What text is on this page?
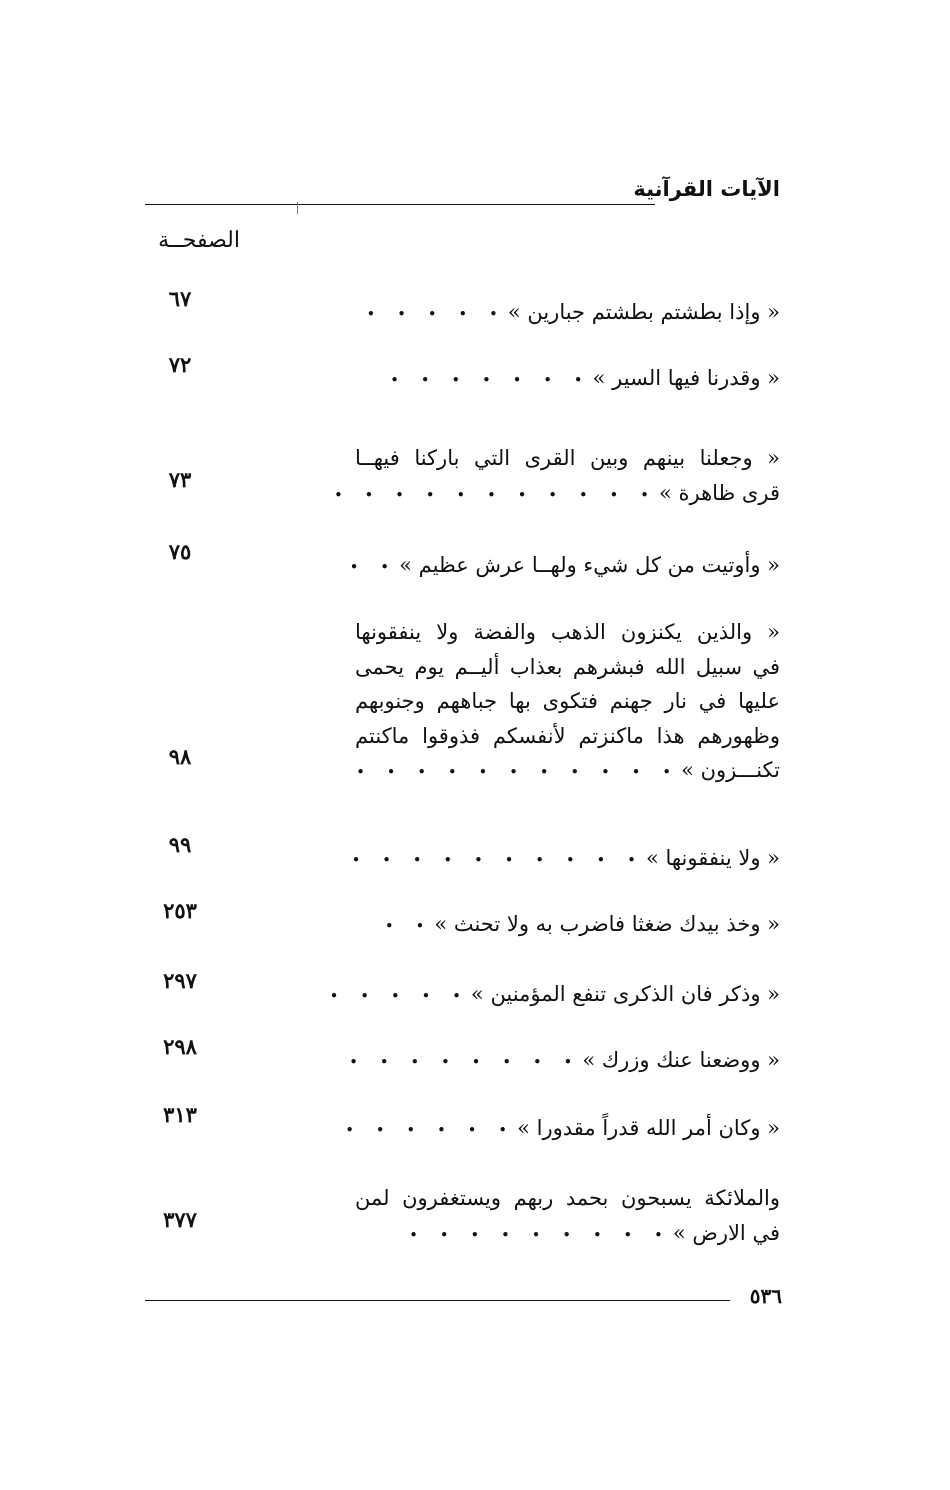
الآيات القرآنية
الصفحــة
« وإذا بطشتم بطشتم جبارين »• • • • •
٦٧
« وقدرنا فيها السير »• • • • • • •
٧٢
« وجعلنا بينهم وبين القرى التي باركنا فيهــا
قرى ظاهرة »• • • • • • • • • • •
٧٣
« وأوتيت من كل شيء ولهــا عرش عظيم »• •
٧٥
« والذين يكنزون الذهب والفضة ولا ينفقونها
في سبيل الله فبشرهم بعذاب أليــم يوم يحمى
عليها في نار جهنم فتكوى بها جباههم وجنوبهم
وظهورهم هذا ماكنزتم لأنفسكم فذوقوا ماكنتم
تكنـــزون »• • • • • • • • • • •
٩٨
« ولا ينفقونها »• • • • • • • • • •
٩٩
« وخذ بيدك ضغثا فاضرب به ولا تحنث »• •
٢٥٣
« وذكر فان الذكرى تنفع المؤمنين »• • • • •
٢٩٧
« ووضعنا عنك وزرك »• • • • • • • •
٢٩٨
« وكان أمر الله قدراً مقدورا »• • • • • •
٣١٣
والملائكة يسبحون بحمد ربهم ويستغفرون لمن
في الارض »• • • • • • • • •
٣٧٧
٥٣٦
